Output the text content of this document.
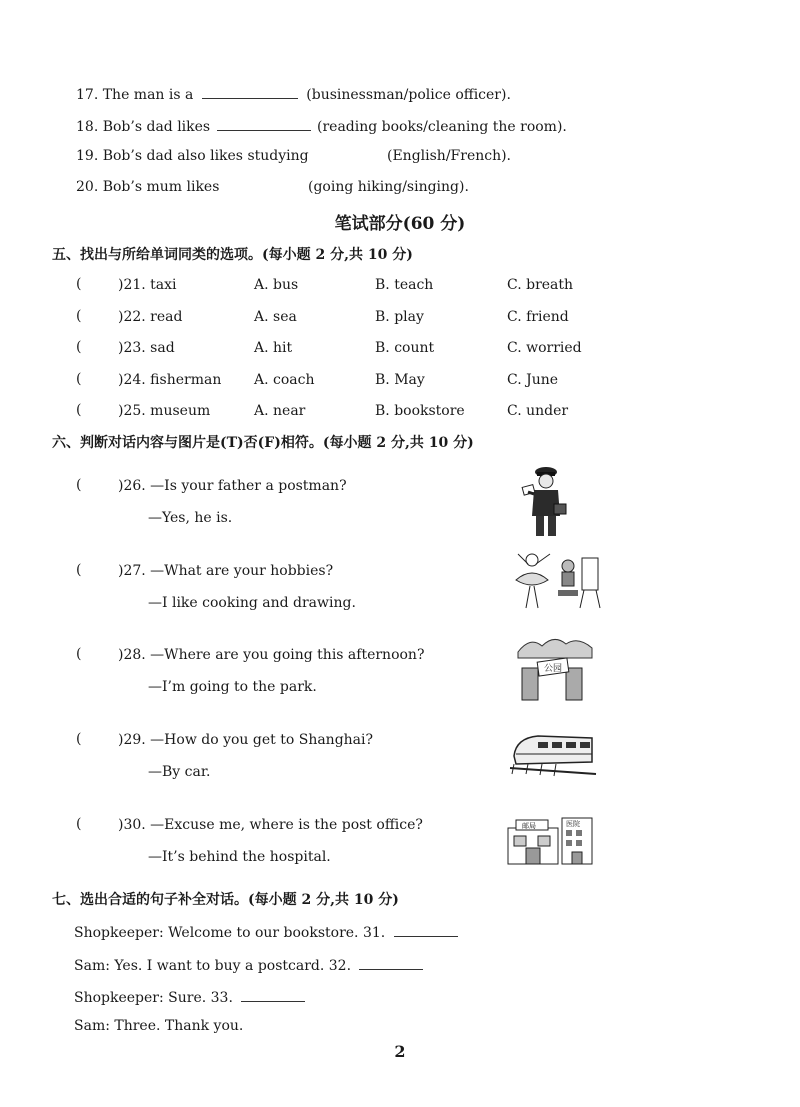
17. The man is a	(businessman/police officer).
18. Bob’s dad likes	(reading books/cleaning the room).
19. Bob’s dad also likes studying	(English/French).
20. Bob’s mum likes	(going hiking/singing).
笔试部分(60 分)
五、找出与所给单词同类的选项。(每小题 2 分,共 10 分)
(	)21. taxi	A. bus	B. teach	C. breath
(	)22. read	A. sea	B. play	C. friend
(	)23. sad	A. hit	B. count	C. worried
(	)24. fisherman A. coach	B. May	C. June
(	)25. museum	A. near	B. bookstore	C. under
六、判断对话内容与图片是(T)否(F)相符。(每小题 2 分,共 10 分)
(	)26. —Is your father a postman?
—Yes, he is.
(	)27. —What are your hobbies?
—I like cooking and drawing.
(	)28. —Where are you going this afternoon?
—I’m going to the park.
(	)29. —How do you get to Shanghai?
—By car.
(	)30. —Excuse me, where is the post office?
—It’s behind the hospital.
公园
邮局	医院
七、选出合适的句子补全对话。(每小题 2 分,共 10 分)
Shopkeeper: Welcome to our bookstore. 31.
Sam: Yes. I want to buy a postcard. 32.
Shopkeeper: Sure. 33.
Sam: Three. Thank you.
2
